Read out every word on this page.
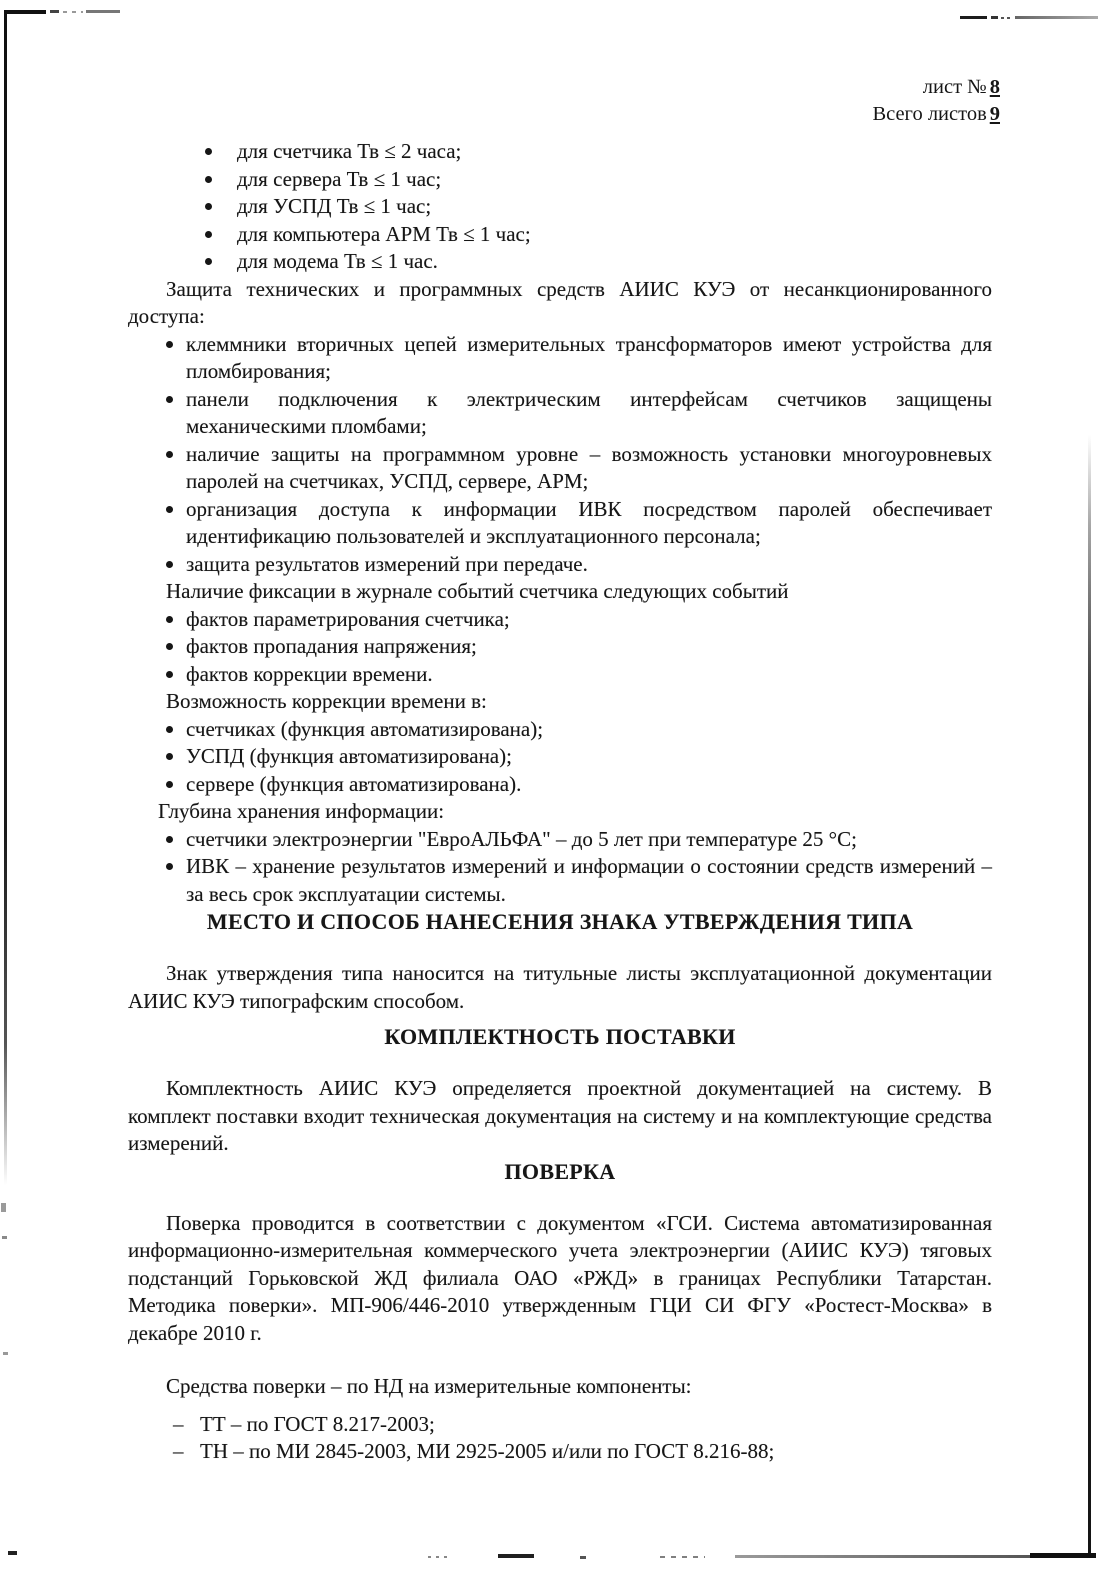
лист № 8
Всего листов 9
для счетчика Тв ≤ 2 часа;
для сервера Тв ≤ 1 час;
для УСПД Тв ≤ 1 час;
для компьютера АРМ Тв ≤ 1 час;
для модема Тв ≤ 1 час.

Защита технических и программных средств АИИС КУЭ от несанкционированного доступа:

клеммники вторичных цепей измерительных трансформаторов имеют устройства для пломбирования;
панели подключения к электрическим интерфейсам счетчиков защищены механическими пломбами;
наличие защиты на программном уровне – возможность установки многоуровневых паролей на счетчиках, УСПД, сервере, АРМ;
организация доступа к информации ИВК посредством паролей обеспечивает идентификацию пользователей и эксплуатационного персонала;
защита результатов измерений при передаче.

Наличие фиксации в журнале событий счетчика следующих событий

фактов параметрирования счетчика;
фактов пропадания напряжения;
фактов коррекции времени.

Возможность коррекции времени в:

счетчиках (функция автоматизирована);
УСПД (функция автоматизирована);
сервере (функция автоматизирована).

Глубина хранения информации:

счетчики электроэнергии "ЕвроАЛЬФА" – до 5 лет при температуре 25 °С;
ИВК – хранение результатов измерений и информации о состоянии средств измерений – за весь срок эксплуатации системы.
МЕСТО И СПОСОБ НАНЕСЕНИЯ ЗНАКА УТВЕРЖДЕНИЯ ТИПА

Знак утверждения типа наносится на титульные листы эксплуатационной документации АИИС КУЭ типографским способом.

КОМПЛЕКТНОСТЬ ПОСТАВКИ

Комплектность АИИС КУЭ определяется проектной документацией на систему. В комплект поставки входит техническая документация на систему и на комплектующие средства измерений.

ПОВЕРКА

Поверка проводится в соответствии с документом «ГСИ. Система автоматизированная информационно-измерительная коммерческого учета электроэнергии (АИИС КУЭ) тяговых подстанций Горьковской ЖД филиала ОАО «РЖД» в границах Республики Татарстан. Методика поверки». МП-906/446-2010 утвержденным ГЦИ СИ ФГУ «Ростест-Москва» в декабре 2010 г.

Средства поверки – по НД на измерительные компоненты:

– ТТ – по ГОСТ 8.217-2003;
– ТН – по МИ 2845-2003, МИ 2925-2005 и/или по ГОСТ 8.216-88;
